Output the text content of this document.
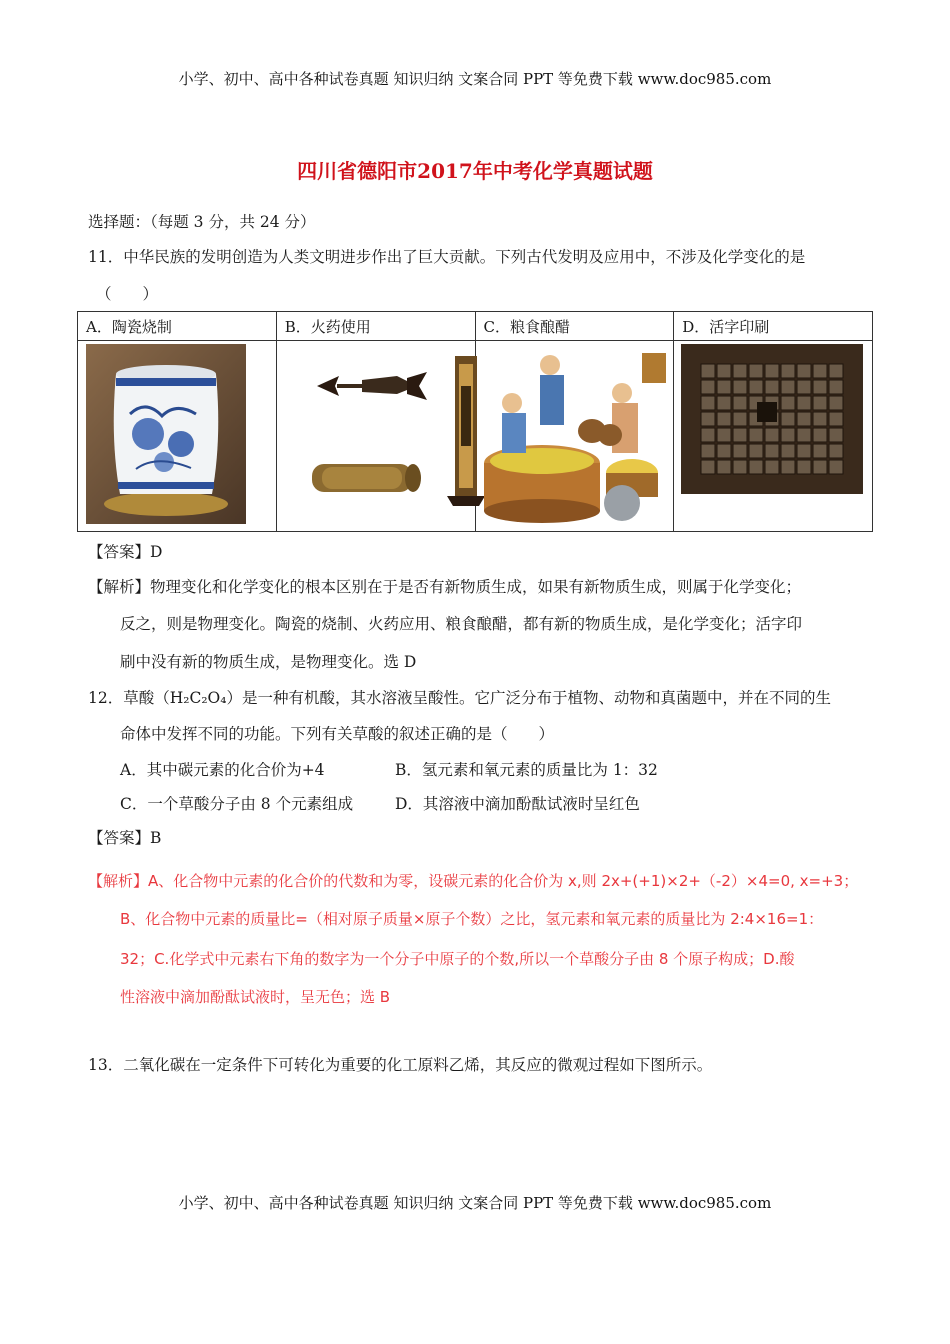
小学、初中、高中各种试卷真题 知识归纳 文案合同 PPT 等免费下载 www.doc985.com
四川省德阳市2017年中考化学真题试题
选择题：（每题 3 分，共 24 分）
11．中华民族的发明创造为人类文明进步作出了巨大贡献。下列古代发明及应用中，不涉及化学变化的是
（　　）
A．陶瓷烧制	B．火药使用	C．粮食酿醋	D．活字印刷

【答案】D
【解析】物理变化和化学变化的根本区别在于是否有新物质生成，如果有新物质生成，则属于化学变化；
反之，则是物理变化。陶瓷的烧制、火药应用、粮食酿醋，都有新的物质生成，是化学变化；活字印
刷中没有新的物质生成，是物理变化。选 D
12．草酸（H₂C₂O₄）是一种有机酸，其水溶液呈酸性。它广泛分布于植物、动物和真菌题中，并在不同的生
命体中发挥不同的功能。下列有关草酸的叙述正确的是（　　）
A．其中碳元素的化合价为+4	B．氢元素和氧元素的质量比为 1：32
C．一个草酸分子由 8 个元素组成	D．其溶液中滴加酚酞试液时呈红色
【答案】B
【解析】A、化合物中元素的化合价的代数和为零，设碳元素的化合价为 x,则 2x+(+1)×2+（-2）×4=0, x=+3；
B、化合物中元素的质量比=（相对原子质量×原子个数）之比，氢元素和氧元素的质量比为 2:4×16=1：
32；C.化学式中元素右下角的数字为一个分子中原子的个数,所以一个草酸分子由 8 个原子构成；D.酸
性溶液中滴加酚酞试液时，呈无色；选 B
13．二氧化碳在一定条件下可转化为重要的化工原料乙烯，其反应的微观过程如下图所示。
小学、初中、高中各种试卷真题 知识归纳 文案合同 PPT 等免费下载 www.doc985.com
